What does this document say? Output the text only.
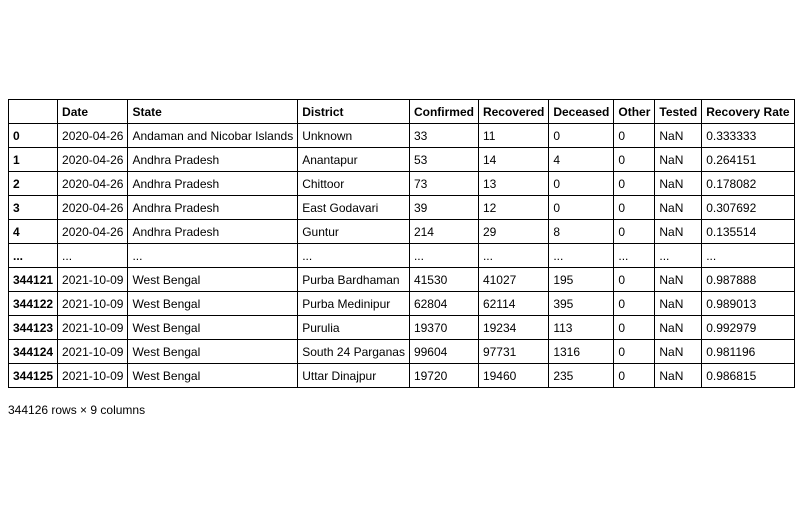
	Date	State	District	Confirmed	Recovered	Deceased	Other	Tested	Recovery Rate
0	2020-04-26	Andaman and Nicobar Islands	Unknown	33	11	0	0	NaN	0.333333
1	2020-04-26	Andhra Pradesh	Anantapur	53	14	4	0	NaN	0.264151
2	2020-04-26	Andhra Pradesh	Chittoor	73	13	0	0	NaN	0.178082
3	2020-04-26	Andhra Pradesh	East Godavari	39	12	0	0	NaN	0.307692
4	2020-04-26	Andhra Pradesh	Guntur	214	29	8	0	NaN	0.135514
...	...	...	...	...	...	...	...	...	...
344121	2021-10-09	West Bengal	Purba Bardhaman	41530	41027	195	0	NaN	0.987888
344122	2021-10-09	West Bengal	Purba Medinipur	62804	62114	395	0	NaN	0.989013
344123	2021-10-09	West Bengal	Purulia	19370	19234	113	0	NaN	0.992979
344124	2021-10-09	West Bengal	South 24 Parganas	99604	97731	1316	0	NaN	0.981196
344125	2021-10-09	West Bengal	Uttar Dinajpur	19720	19460	235	0	NaN	0.986815
344126 rows × 9 columns
